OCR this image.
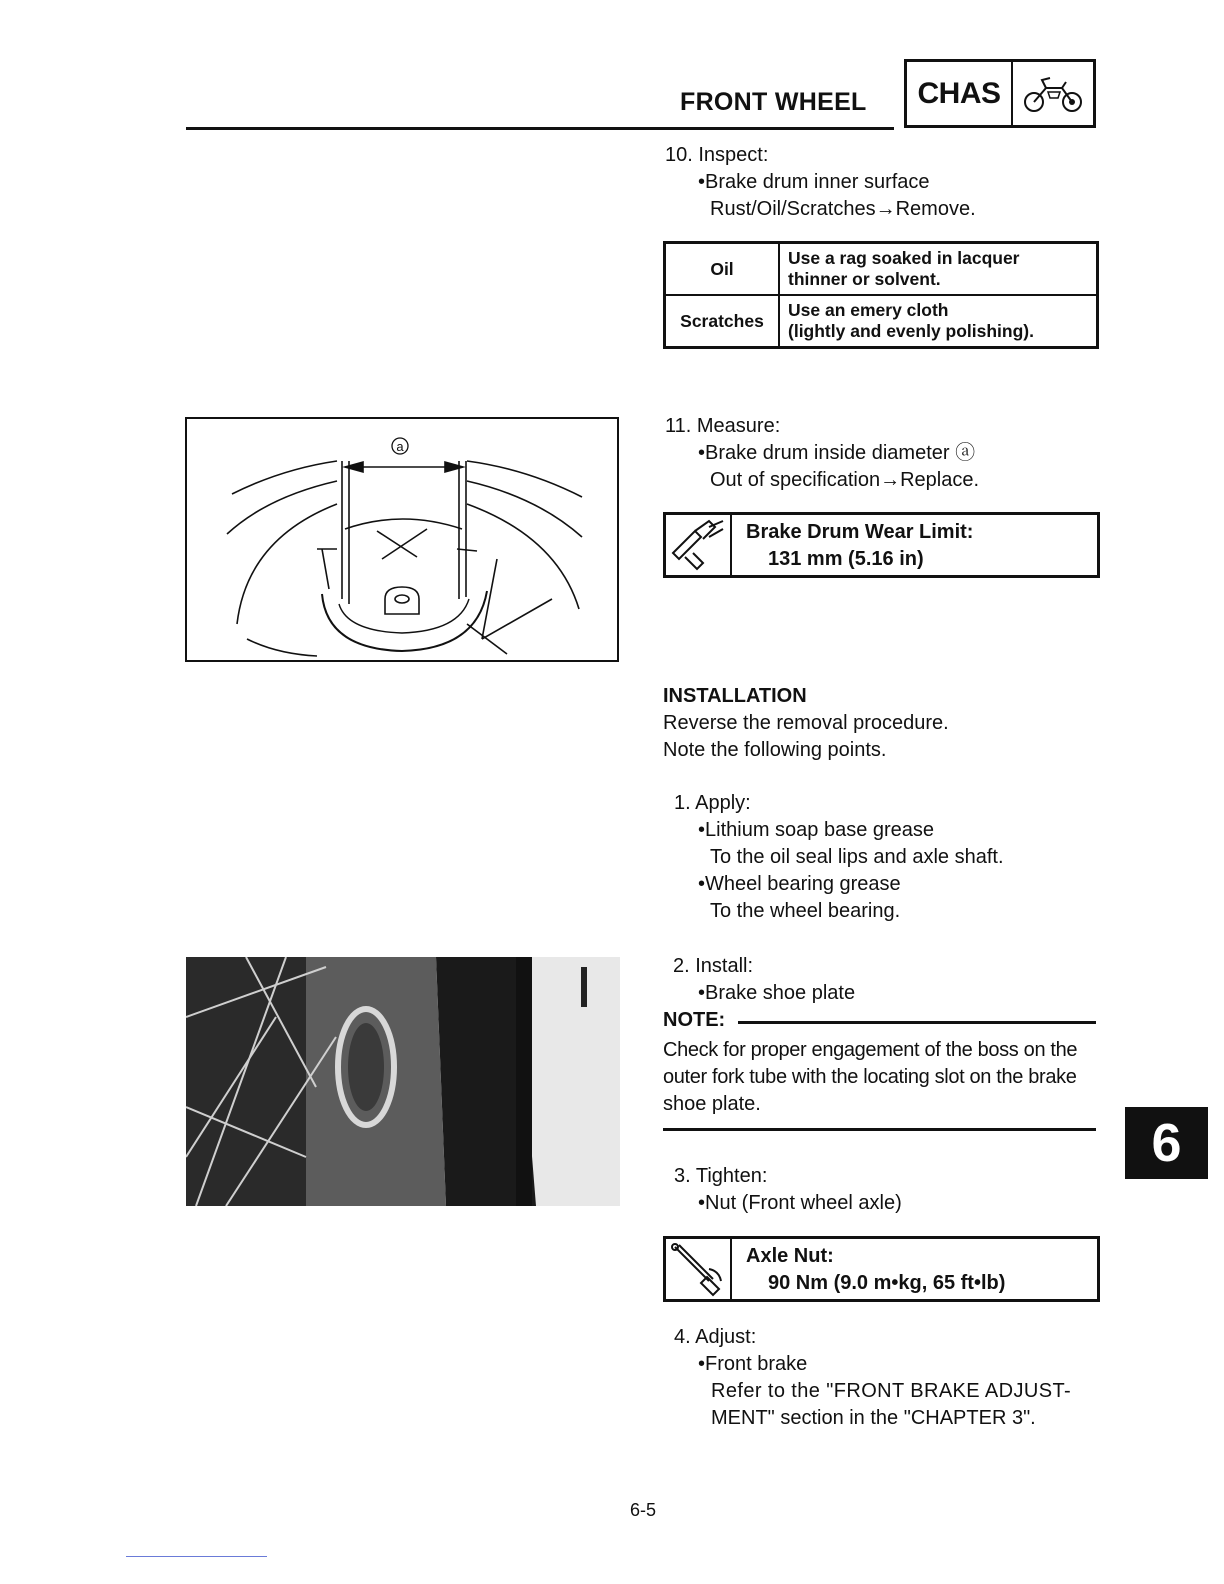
FRONT WHEEL	CHAS
10. Inspect:
•Brake drum inner surface
Rust/Oil/Scratches→Remove.
Oil	Use a rag soaked in lacquer
thinner or solvent.

Scratches	Use an emery cloth
(lightly and evenly polishing).
a
11. Measure:
•Brake drum inside diameter ⓐ
Out of specification→Replace.
Brake Drum Wear Limit:
131 mm (5.16 in)
INSTALLATION
Reverse the removal procedure.
Note the following points.
1. Apply:
•Lithium soap base grease
To the oil seal lips and axle shaft.
•Wheel bearing grease
To the wheel bearing.
2. Install:
•Brake shoe plate
NOTE:
Check for proper engagement of the boss on the
outer fork tube with the locating slot on the brake
shoe plate.
6
3. Tighten:
•Nut (Front wheel axle)
Axle Nut:
90 Nm (9.0 m•kg, 65 ft•lb)
4. Adjust:
•Front brake
Refer to the "FRONT BRAKE ADJUST-
MENT" section in the "CHAPTER 3".
6-5
